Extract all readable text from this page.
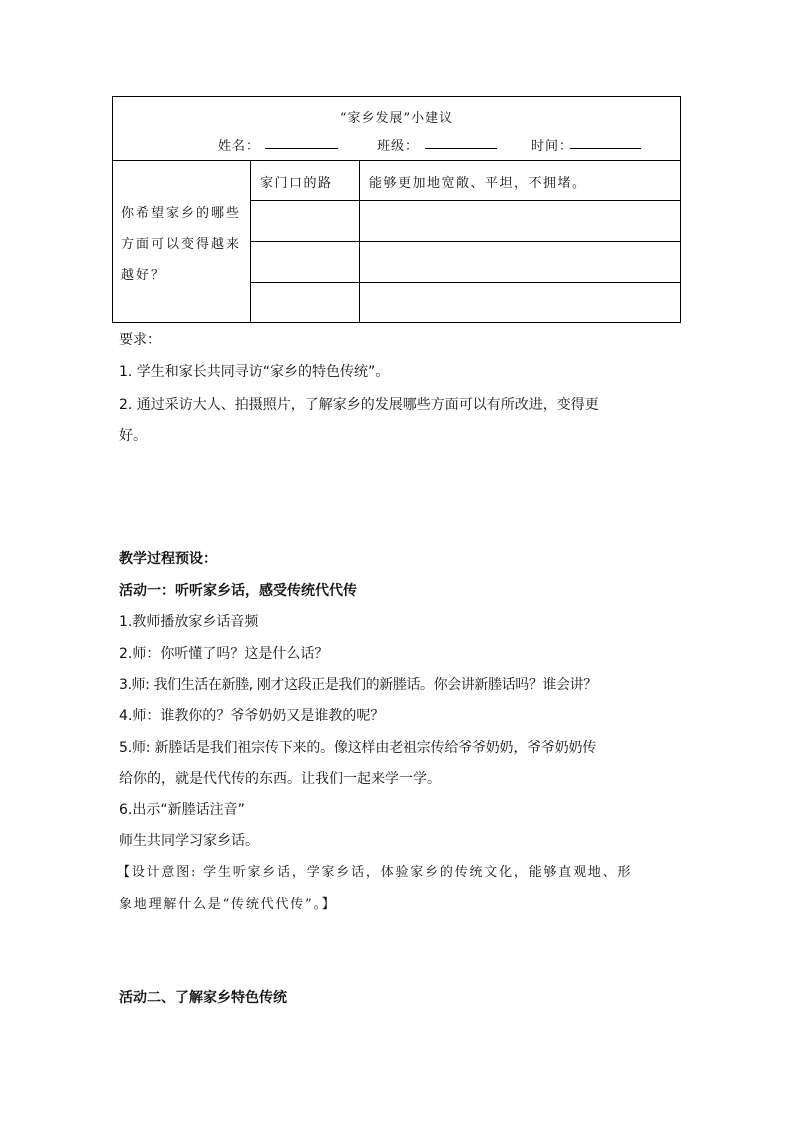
“家乡发展”小建议
姓名：	班级：	时间：
你希望家乡的哪些方面可以变得越来越好？
家门口的路	能够更加地宽敞、平坦，不拥堵。
要求：
1. 学生和家长共同寻访“家乡的特色传统”。
2. 通过采访大人、拍摄照片，了解家乡的发展哪些方面可以有所改进，变得更
好。
教学过程预设：
活动一：听听家乡话，感受传统代代传
1.教师播放家乡话音频
2.师：你听懂了吗？这是什么话？
3.师: 我们生活在新塍, 刚才这段正是我们的新塍话。你会讲新塍话吗？谁会讲？
4.师：谁教你的？爷爷奶奶又是谁教的呢？
5.师: 新塍话是我们祖宗传下来的。像这样由老祖宗传给爷爷奶奶，爷爷奶奶传
给你的，就是代代传的东西。让我们一起来学一学。
6.出示“新塍话注音”
师生共同学习家乡话。
【设计意图: 学生听家乡话，学家乡话，体验家乡的传统文化，能够直观地、形
象地理解什么是“传统代代传”。】
活动二、了解家乡特色传统
